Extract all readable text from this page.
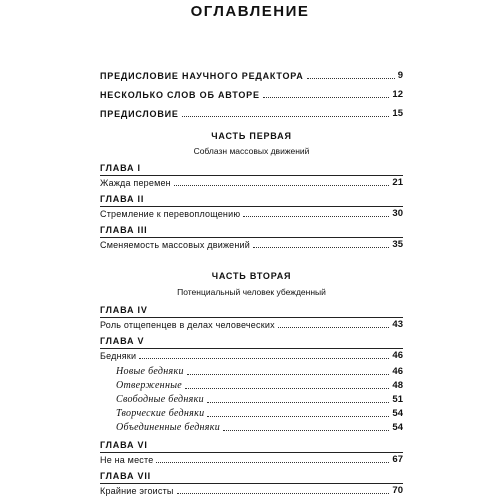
ОГЛАВЛЕНИЕ
ПРЕДИСЛОВИЕ НАУЧНОГО РЕДАКТОРА	9
НЕСКОЛЬКО СЛОВ ОБ АВТОРЕ	12
ПРЕДИСЛОВИЕ	15
ЧАСТЬ ПЕРВАЯ
Соблазн массовых движений
ГЛАВА I
Жажда перемен	21
ГЛАВА II
Стремление к перевоплощению	30
ГЛАВА III
Сменяемость массовых движений	35
ЧАСТЬ ВТОРАЯ
Потенциальный человек убежденный
ГЛАВА IV
Роль отщепенцев в делах человеческих	43
ГЛАВА V
Бедняки	46
Новые бедняки	46
Отверженные	48
Свободные бедняки	51
Творческие бедняки	54
Объединенные бедняки	54
ГЛАВА VI
Не на месте	67
ГЛАВА VII
Крайние эгоисты	70
